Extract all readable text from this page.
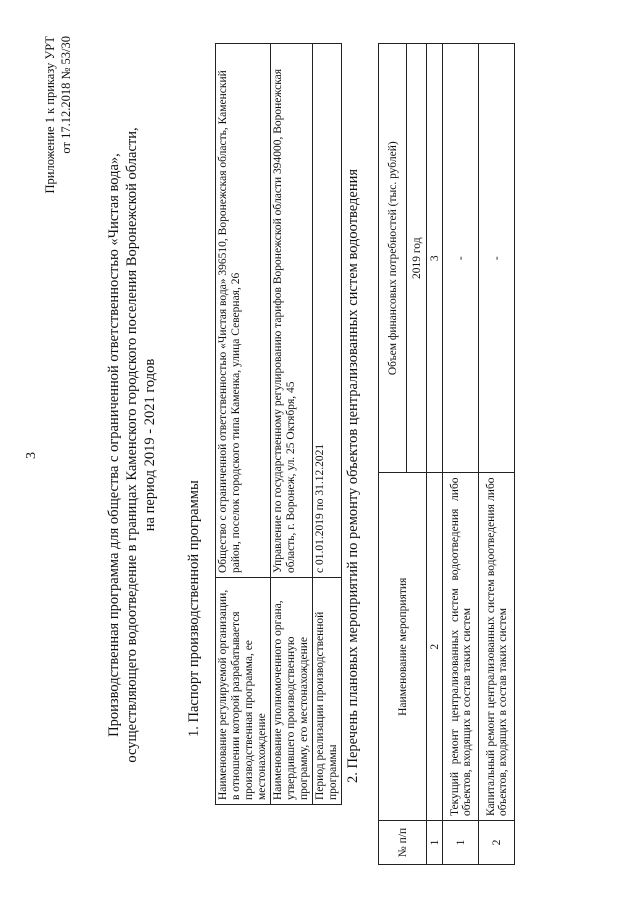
3
Приложение 1 к приказу УРТ от 17.12.2018 № 53/30
Производственная программа для общества с ограниченной ответственностью «Чистая вода», осуществляющего водоотведение в границах Каменского городского поселения Воронежской области, на период 2019 - 2021 годов
1. Паспорт производственной программы Наименование регулируемой организации, в отношении которой разрабатывается производственная программа, ее местонахождение	Общество с ограниченной ответственностью «Чистая вода» 396510, Воронежская область, Каменский район, поселок городского типа Каменка, улица Северная, 26
Наименование уполномоченного органа, утвердившего производственную программу, его местонахождение	Управление по государственному регулированию тарифов Воронежской области 394000, Воронежская область, г. Воронеж, ул. 25 Октября, 45
Период реализации производственной программы	с 01.01.2019 по 31.12.2021 2. Перечень плановых мероприятий по ремонту объектов централизованных систем водоотведения
№ п/п	Наименование мероприятия	Объем финансовых потребностей (тыс. рублей)
		2019 год
1	2	3
1	Текущий ремонт централизованных систем водоотведения либо объектов, входящих в состав таких систем	-
2	Капитальный ремонт централизованных систем водоотведения либо объектов, входящих в состав таких систем	-
